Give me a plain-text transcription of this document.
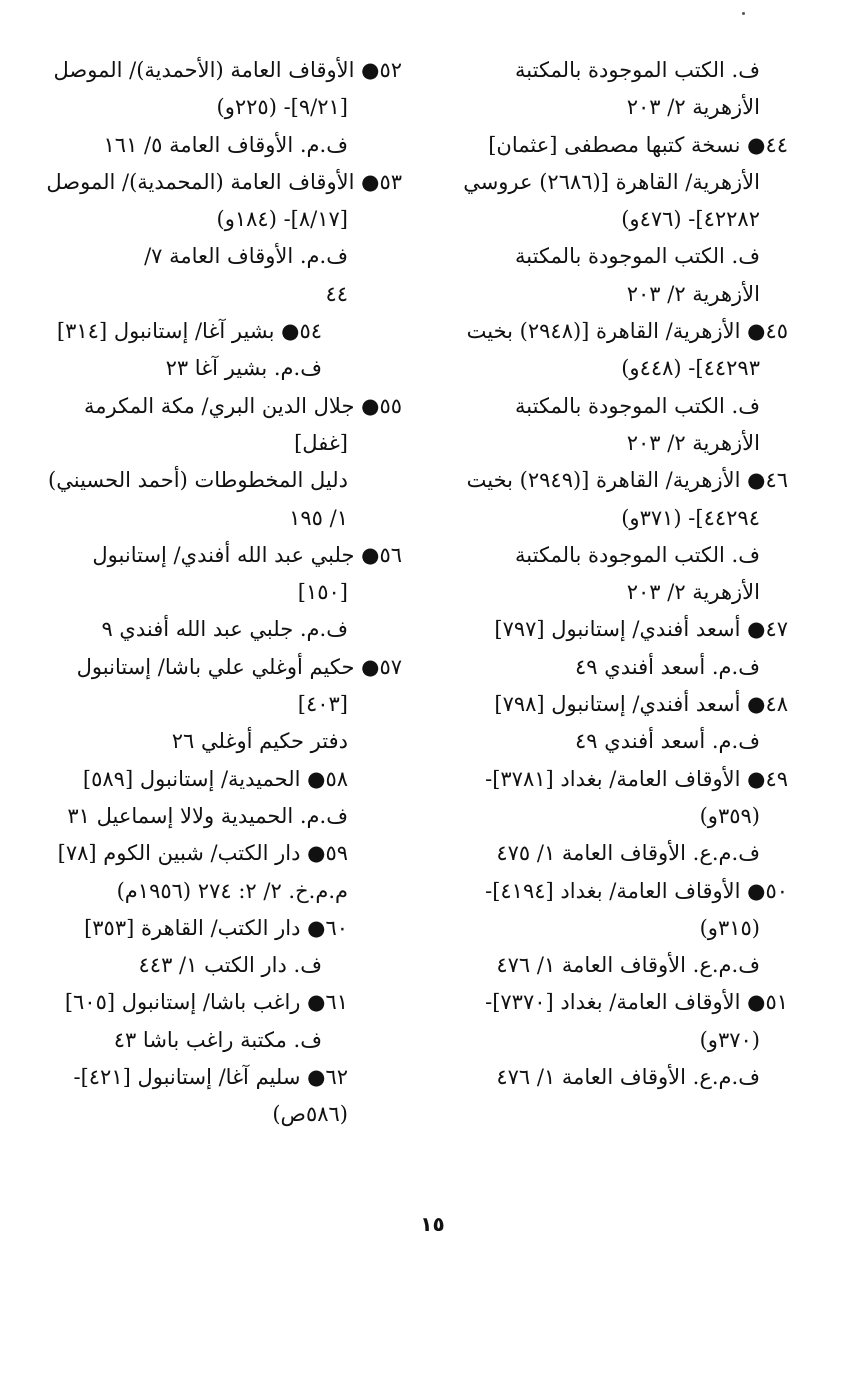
ف. الكتب الموجودة بالمكتبة
الأزهرية ٢/ ٢٠٣
٤٤● نسخة كتبها مصطفى [عثمان]
الأزهرية/ القاهرة [(٢٦٨٦) عروسي
٤٢٢٨٢]- (٤٧٦و)
ف. الكتب الموجودة بالمكتبة
الأزهرية ٢/ ٢٠٣
٤٥● الأزهرية/ القاهرة [(٢٩٤٨) بخيت
٤٤٢٩٣]- (٤٤٨و)
ف. الكتب الموجودة بالمكتبة
الأزهرية ٢/ ٢٠٣
٤٦● الأزهرية/ القاهرة [(٢٩٤٩) بخيت
٤٤٢٩٤]- (٣٧١و)
ف. الكتب الموجودة بالمكتبة
الأزهرية ٢/ ٢٠٣
٤٧● أسعد أفندي/ إستانبول [٧٩٧]
ف.م. أسعد أفندي ٤٩
٤٨● أسعد أفندي/ إستانبول [٧٩٨]
ف.م. أسعد أفندي ٤٩
٤٩● الأوقاف العامة/ بغداد [٣٧٨١]-
(٣٥٩و)
ف.م.ع. الأوقاف العامة ١/ ٤٧٥
٥٠● الأوقاف العامة/ بغداد [٤١٩٤]-
(٣١٥و)
ف.م.ع. الأوقاف العامة ١/ ٤٧٦
٥١● الأوقاف العامة/ بغداد [٧٣٧٠]-
(٣٧٠و)
ف.م.ع. الأوقاف العامة ١/ ٤٧٦
٥٢● الأوقاف العامة (الأحمدية)/ الموصل
[٩/٢١]- (٢٢٥و)
ف.م. الأوقاف العامة ٥/ ١٦١
٥٣● الأوقاف العامة (المحمدية)/ الموصل
[٨/١٧]- (١٨٤و)
ف.م. الأوقاف العامة ٧/
٤٤
٥٤● بشير آغا/ إستانبول [٣١٤]
ف.م. بشير آغا ٢٣
٥٥● جلال الدين البري/ مكة المكرمة
[غفل]
دليل المخطوطات (أحمد الحسيني)
١/ ١٩٥
٥٦● جلبي عبد الله أفندي/ إستانبول
[١٥٠]
ف.م. جلبي عبد الله أفندي ٩
٥٧● حكيم أوغلي علي باشا/ إستانبول
[٤٠٣]
دفتر حكيم أوغلي ٢٦
٥٨● الحميدية/ إستانبول [٥٨٩]
ف.م. الحميدية ولالا إسماعيل ٣١
٥٩● دار الكتب/ شبين الكوم [٧٨]
م.م.خ. ٢/ ٢: ٢٧٤ (١٩٥٦م)
٦٠● دار الكتب/ القاهرة [٣٥٣]
ف. دار الكتب ١/ ٤٤٣
٦١● راغب باشا/ إستانبول [٦٠٥]
ف. مكتبة راغب باشا ٤٣
٦٢● سليم آغا/ إستانبول [٤٢١]-
(٥٨٦ص)
١٥
